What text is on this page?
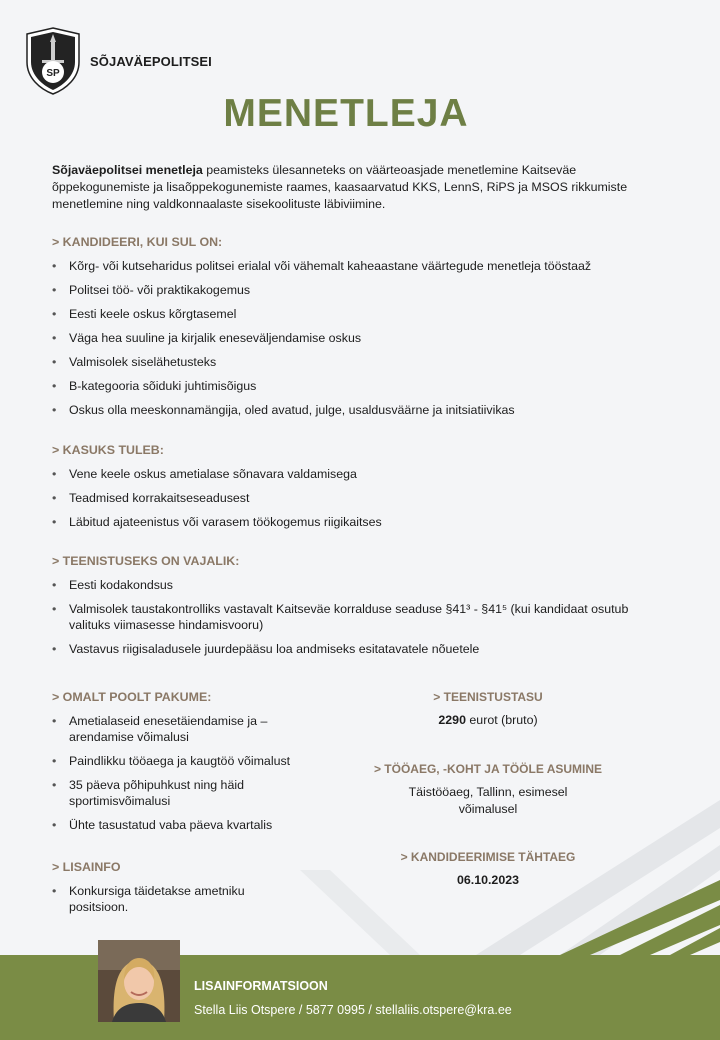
SP
SÕJAVÄEPOLITSEI
MENETLEJA
Sõjaväepolitsei menetleja peamisteks ülesanneteks on väärteoasjade menetlemine Kaitseväe õppekogunemiste ja lisaõppekogunemiste raames, kaasaarvatud KKS, LennS, RiPS ja MSOS rikkumiste menetlemine ning valdkonnaalaste sisekoolituste läbiviimine.
> KANDIDEERI, KUI SUL ON:
• Kõrg- või kutseharidus politsei erialal või vähemalt kaheaastane väärtegude menetleja tööstaaž
• Politsei töö- või praktikakogemus
• Eesti keele oskus kõrgtasemel
• Väga hea suuline ja kirjalik eneseväljendamise oskus
• Valmisolek siselähetusteks
• B-kategooria sõiduki juhtimisõigus
• Oskus olla meeskonnamängija, oled avatud, julge, usaldusväärne ja initsiatiivikas
> KASUKS TULEB:
• Vene keele oskus ametialase sõnavara valdamisega
• Teadmised korrakaitseseadusest
• Läbitud ajateenistus või varasem töökogemus riigikaitses
> TEENISTUSEKS ON VAJALIK:
• Eesti kodakondsus
• Valmisolek taustakontrolliks vastavalt Kaitseväe korralduse seaduse §41³ - §41⁵ (kui kandidaat osutub valituks viimasesse hindamisvooru)
• Vastavus riigisaladusele juurdepääsu loa andmiseks esitatavatele nõuetele
> OMALT POOLT PAKUME:
• Ametialaseid enesetäiendamise ja – arendamise võimalusi
• Paindlikku tööaega ja kaugtöö võimalust
• 35 päeva põhipuhkust ning häid sportimisvõimalusi
• Ühte tasustatud vaba päeva kvartalis
> LISAINFO
• Konkursiga täidetakse ametniku positsioon.
> TEENISTUSTASU
2290 eurot (bruto)
> TÖÖAEG, -KOHT JA TÖÖLE ASUMINE
Täistööaeg, Tallinn, esimesel
võimalusel
> KANDIDEERIMISE TÄHTAEG
06.10.2023
LISAINFORMATSIOON
Stella Liis Otspere / 5877 0995 / stellaliis.otspere@kra.ee
